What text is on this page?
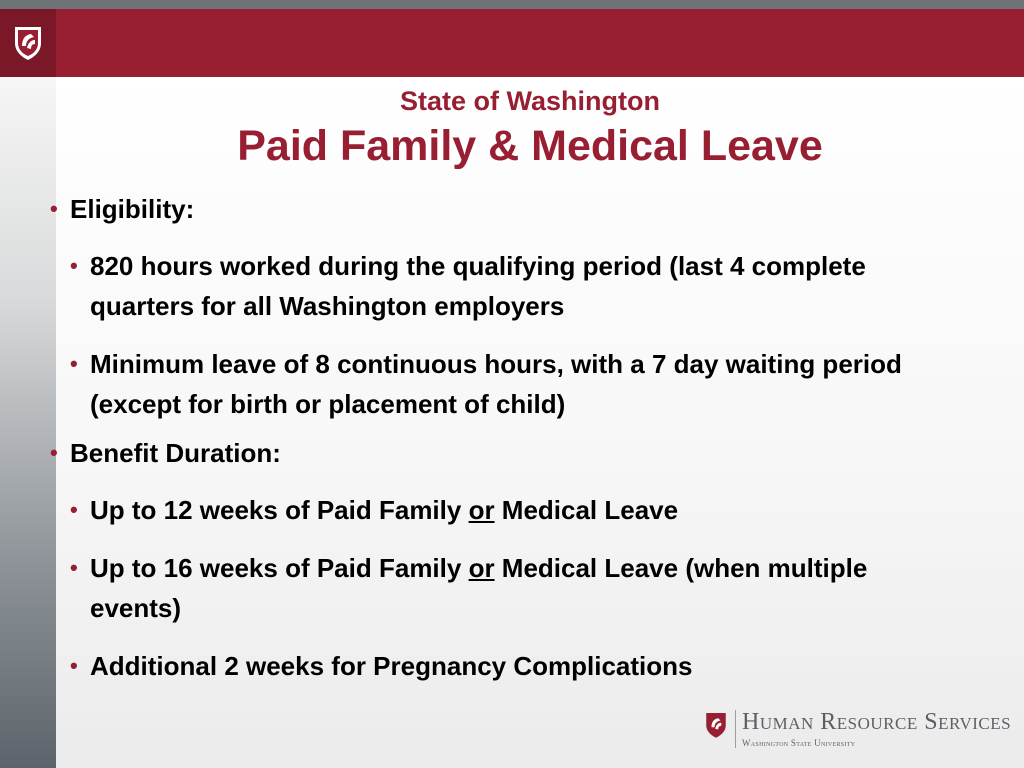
State of Washington
Paid Family & Medical Leave
• Eligibility:
• 820 hours worked during the qualifying period (last 4 complete
quarters for all Washington employers
• Minimum leave of 8 continuous hours, with a 7 day waiting period
(except for birth or placement of child)
• Benefit Duration:
• Up to 12 weeks of Paid Family or Medical Leave
• Up to 16 weeks of Paid Family or Medical Leave (when multiple
events)
• Additional 2 weeks for Pregnancy Complications
Human Resource Services
Washington State University
